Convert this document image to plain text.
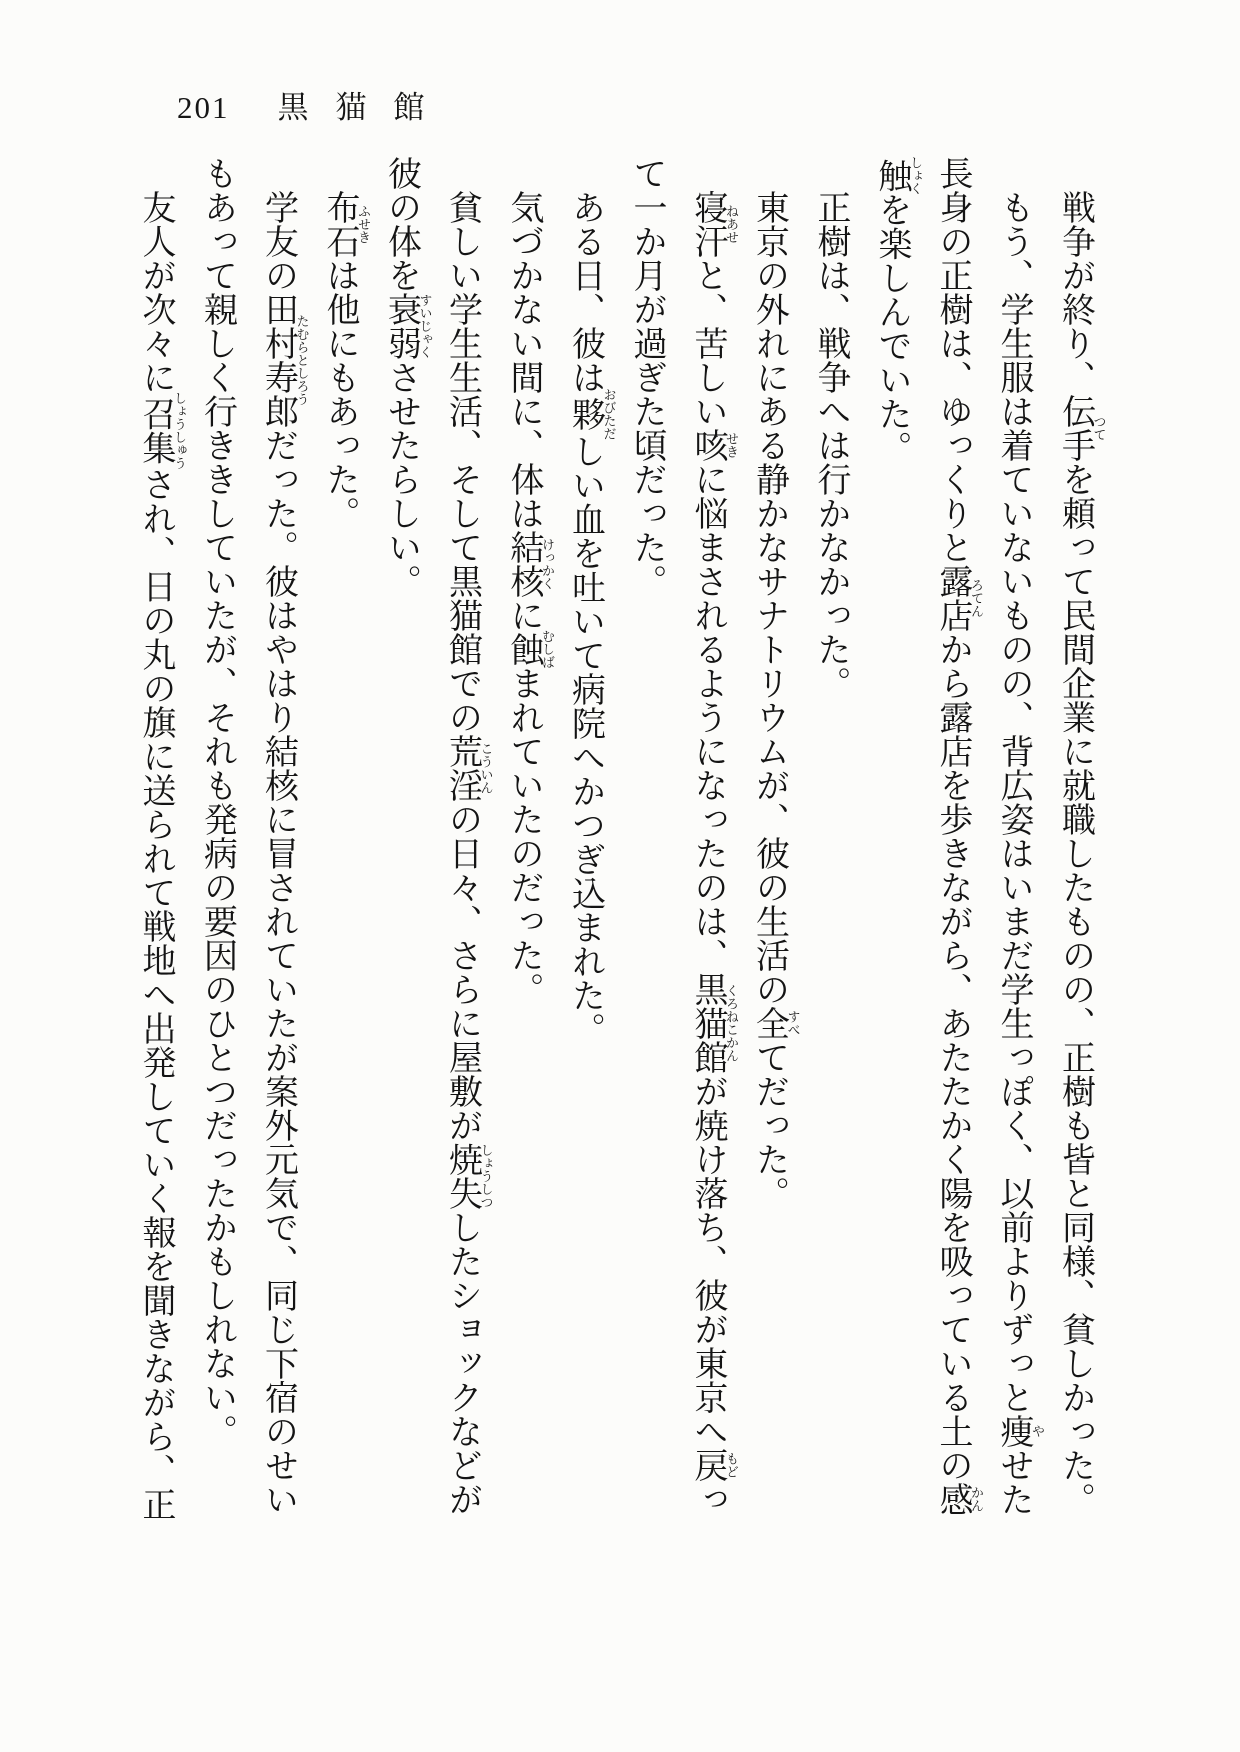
201 黒猫館

戦争が終り、伝手つてを頼って民間企業に就職したものの、正樹も皆と同様、貧しかった。

もう、学生服は着ていないものの、背広姿はいまだ学生っぽく、以前よりずっと痩やせた長身の正樹は、ゆっくりと露店ろてんから露店を歩きながら、あたたかく陽を吸っている土の感かん触しょくを楽しんでいた。

正樹は、戦争へは行かなかった。

東京の外れにある静かなサナトリウムが、彼の生活の全すべてだった。

寝汗ねあせと、苦しい咳せきに悩まされるようになったのは、黒猫館くろねこかんが焼け落ち、彼が東京へ戻もどって一か月が過ぎた頃だった。

ある日、彼は夥おびただしい血を吐いて病院へかつぎ込まれた。

気づかない間に、体は結核けっかくに蝕むしばまれていたのだった。

貧しい学生生活、そして黒猫館での荒淫こういんの日々、さらに屋敷が焼失しょうしつしたショックなどが彼の体を衰弱すいじゃくさせたらしい。

布石ふせきは他にもあった。

学友の田村寿郎たむらとしろうだった。彼はやはり結核に冒されていたが案外元気で、同じ下宿のせいもあって親しく行ききしていたが、それも発病の要因のひとつだったかもしれない。

友人が次々に召集しょうしゅうされ、日の丸の旗に送られて戦地へ出発していく報を聞きながら、正
